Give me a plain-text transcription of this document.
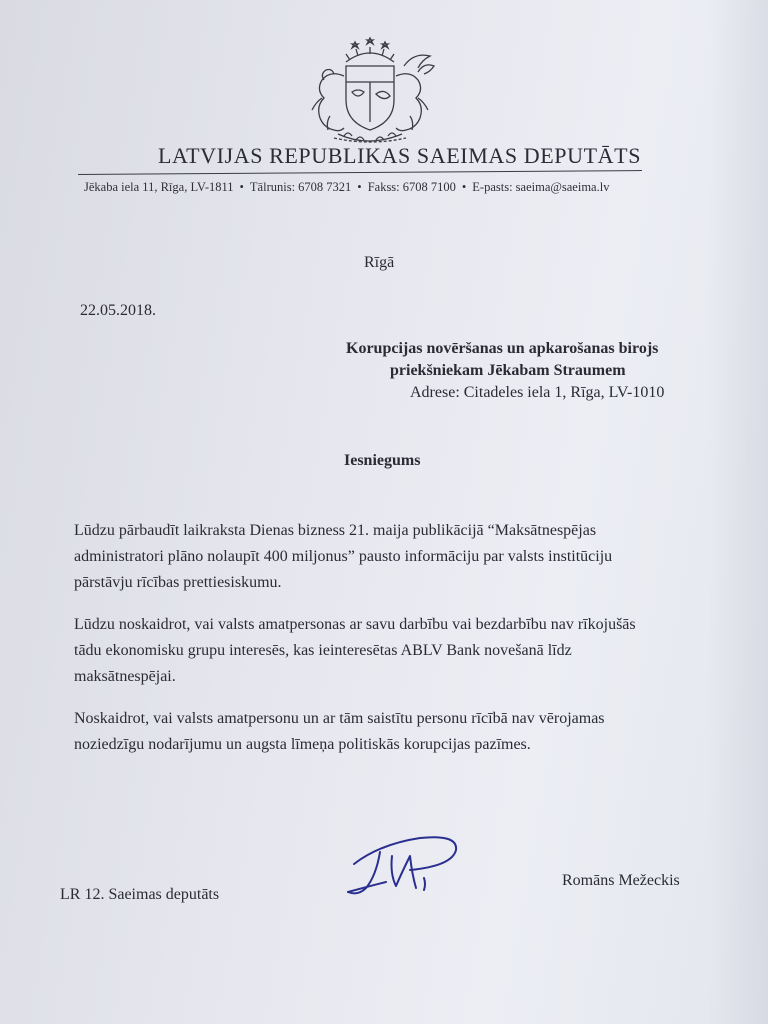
LATVIJAS REPUBLIKAS SAEIMAS DEPUTĀTS
Jēkaba iela 11, Rīga, LV-1811 • Tālrunis: 6708 7321 • Fakss: 6708 7100 • E-pasts: saeima@saeima.lv
Rīgā
22.05.2018.
Korupcijas novēršanas un apkarošanas birojs
priekšniekam Jēkabam Straumem
Adrese: Citadeles iela 1, Rīga, LV-1010
Iesniegums
Lūdzu pārbaudīt laikraksta Dienas bizness 21. maija publikācijā “Maksātnespējas
administratori plāno nolaupīt 400 miljonus” pausto informāciju par valsts institūciju
pārstāvju rīcības prettiesiskumu.
Lūdzu noskaidrot, vai valsts amatpersonas ar savu darbību vai bezdarbību nav rīkojušās
tādu ekonomisku grupu interesēs, kas ieinteresētas ABLV Bank novešanā līdz
maksātnespējai.
Noskaidrot, vai valsts amatpersonu un ar tām saistītu personu rīcībā nav vērojamas
noziedzīgu nodarījumu un augsta līmeņa politiskās korupcijas pazīmes.
LR 12. Saeimas deputāts
Romāns Mežeckis
